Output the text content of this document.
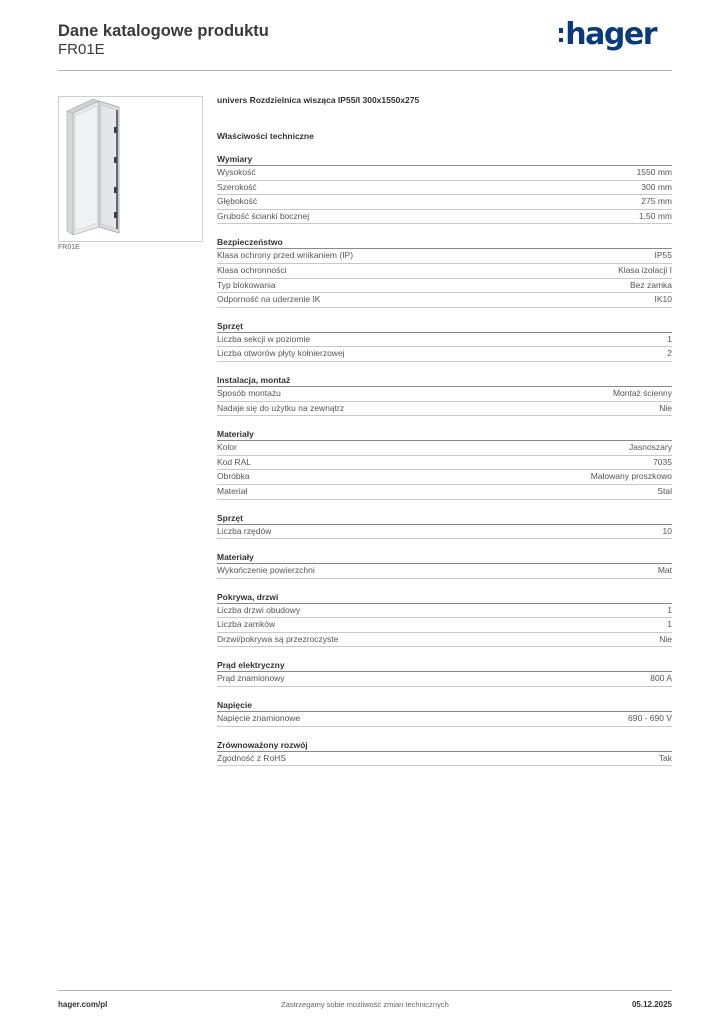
Dane katalogowe produktu
FR01E	hager
FR01E
univers Rozdzielnica wisząca IP55/I 300x1550x275
Właściwości techniczne
Wymiary
Wysokość	1550 mm
Szerokość	300 mm
Głębokość	275 mm
Grubość ścianki bocznej	1,50 mm
Bezpieczeństwo
Klasa ochrony przed wnikaniem (IP)	IP55
Klasa ochronności	Klasa izolacji I
Typ blokowania	Bez zamka
Odporność na uderzenie IK	IK10
Sprzęt
Liczba sekcji w poziomie	1
Liczba otworów płyty kołnierzowej	2
Instalacja, montaż
Sposób montażu	Montaż ścienny
Nadaje się do użytku na zewnątrz	Nie
Materiały
Kolor	Jasnoszary
Kod RAL	7035
Obróbka	Malowany proszkowo
Materiał	Stal
Sprzęt
Liczba rzędów	10
Materiały
Wykończenie powierzchni	Mat
Pokrywa, drzwi
Liczba drzwi obudowy	1
Liczba zamków	1
Drzwi/pokrywa są przezroczyste	Nie
Prąd elektryczny
Prąd znamionowy	800 A
Napięcie
Napięcie znamionowe	690 - 690 V
Zrównoważony rozwój
Zgodność z RoHS	Tak
hager.com/pl	Zastrzegamy sobie możliwość zmian technicznych	05.12.2025
